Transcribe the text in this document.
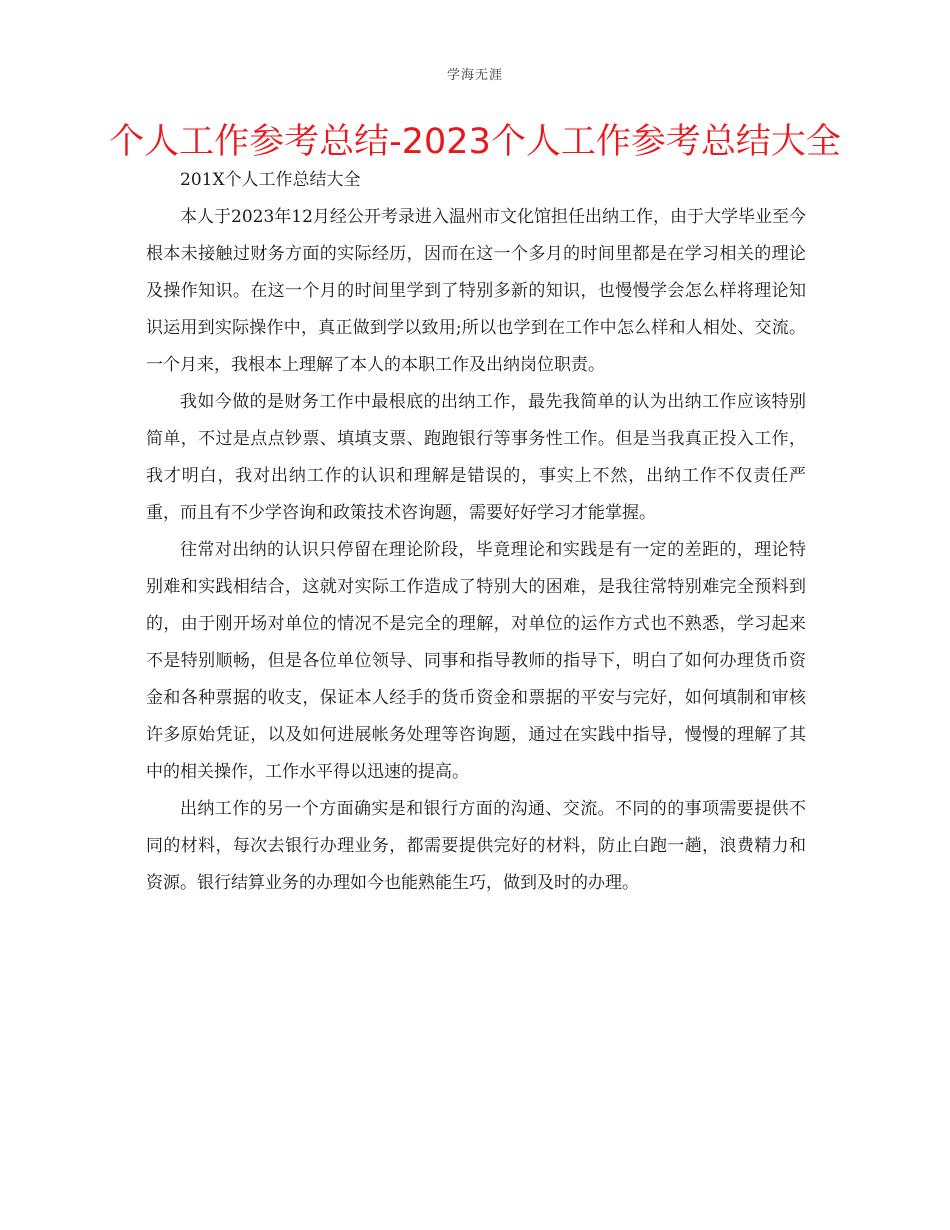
学海无涯
个人工作参考总结-2023个人工作参考总结大全

201X个人工作总结大全

本人于2023年12月经公开考录进入温州市文化馆担任出纳工作，由于大学毕业至今根本未接触过财务方面的实际经历，因而在这一个多月的时间里都是在学习相关的理论及操作知识。在这一个月的时间里学到了特别多新的知识，也慢慢学会怎么样将理论知识运用到实际操作中，真正做到学以致用;所以也学到在工作中怎么样和人相处、交流。一个月来，我根本上理解了本人的本职工作及出纳岗位职责。

我如今做的是财务工作中最根底的出纳工作，最先我简单的认为出纳工作应该特别简单，不过是点点钞票、填填支票、跑跑银行等事务性工作。但是当我真正投入工作，我才明白，我对出纳工作的认识和理解是错误的，事实上不然，出纳工作不仅责任严重，而且有不少学咨询和政策技术咨询题，需要好好学习才能掌握。

往常对出纳的认识只停留在理论阶段，毕竟理论和实践是有一定的差距的，理论特别难和实践相结合，这就对实际工作造成了特别大的困难，是我往常特别难完全预料到的，由于刚开场对单位的情况不是完全的理解，对单位的运作方式也不熟悉，学习起来不是特别顺畅，但是各位单位领导、同事和指导教师的指导下，明白了如何办理货币资金和各种票据的收支，保证本人经手的货币资金和票据的平安与完好，如何填制和审核许多原始凭证，以及如何进展帐务处理等咨询题，通过在实践中指导，慢慢的理解了其中的相关操作，工作水平得以迅速的提高。

出纳工作的另一个方面确实是和银行方面的沟通、交流。不同的的事项需要提供不同的材料，每次去银行办理业务，都需要提供完好的材料，防止白跑一趟，浪费精力和资源。银行结算业务的办理如今也能熟能生巧，做到及时的办理。
